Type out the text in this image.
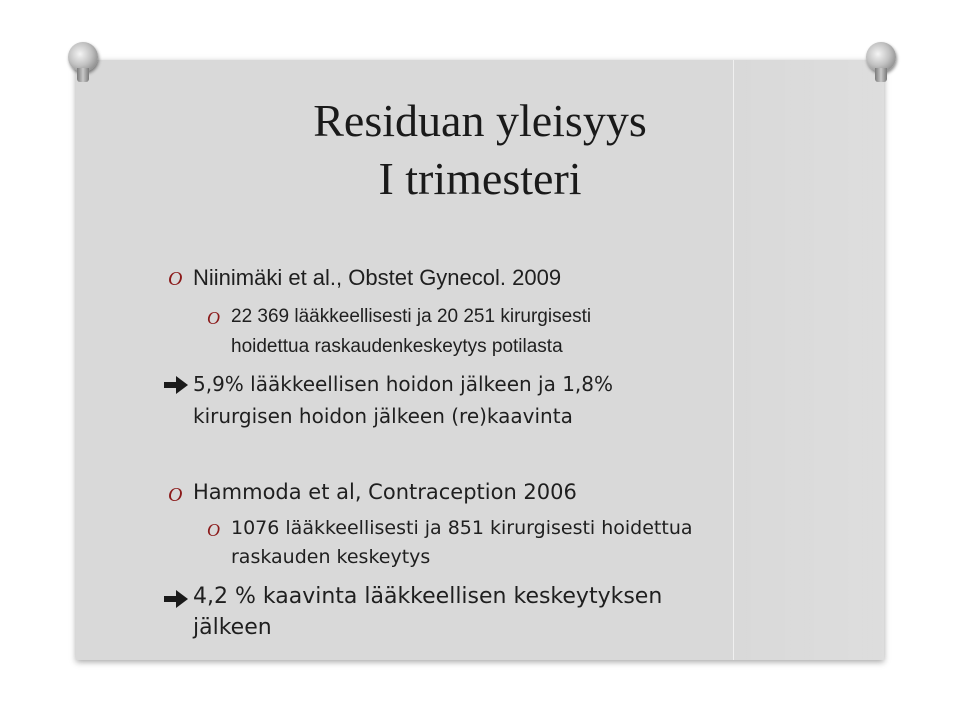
Residuan yleisyys
I trimesteri
O Niinimäki et al., Obstet Gynecol. 2009
O 22 369 lääkkeellisesti ja 20 251 kirurgisesti
hoidettua raskaudenkeskeytys potilasta
5,9% lääkkeellisen hoidon jälkeen ja 1,8%
kirurgisen hoidon jälkeen (re)kaavinta
O Hammoda et al, Contraception 2006
O 1076 lääkkeellisesti ja 851 kirurgisesti hoidettua
raskauden keskeytys
4,2 % kaavinta lääkkeellisen keskeytyksen
jälkeen
